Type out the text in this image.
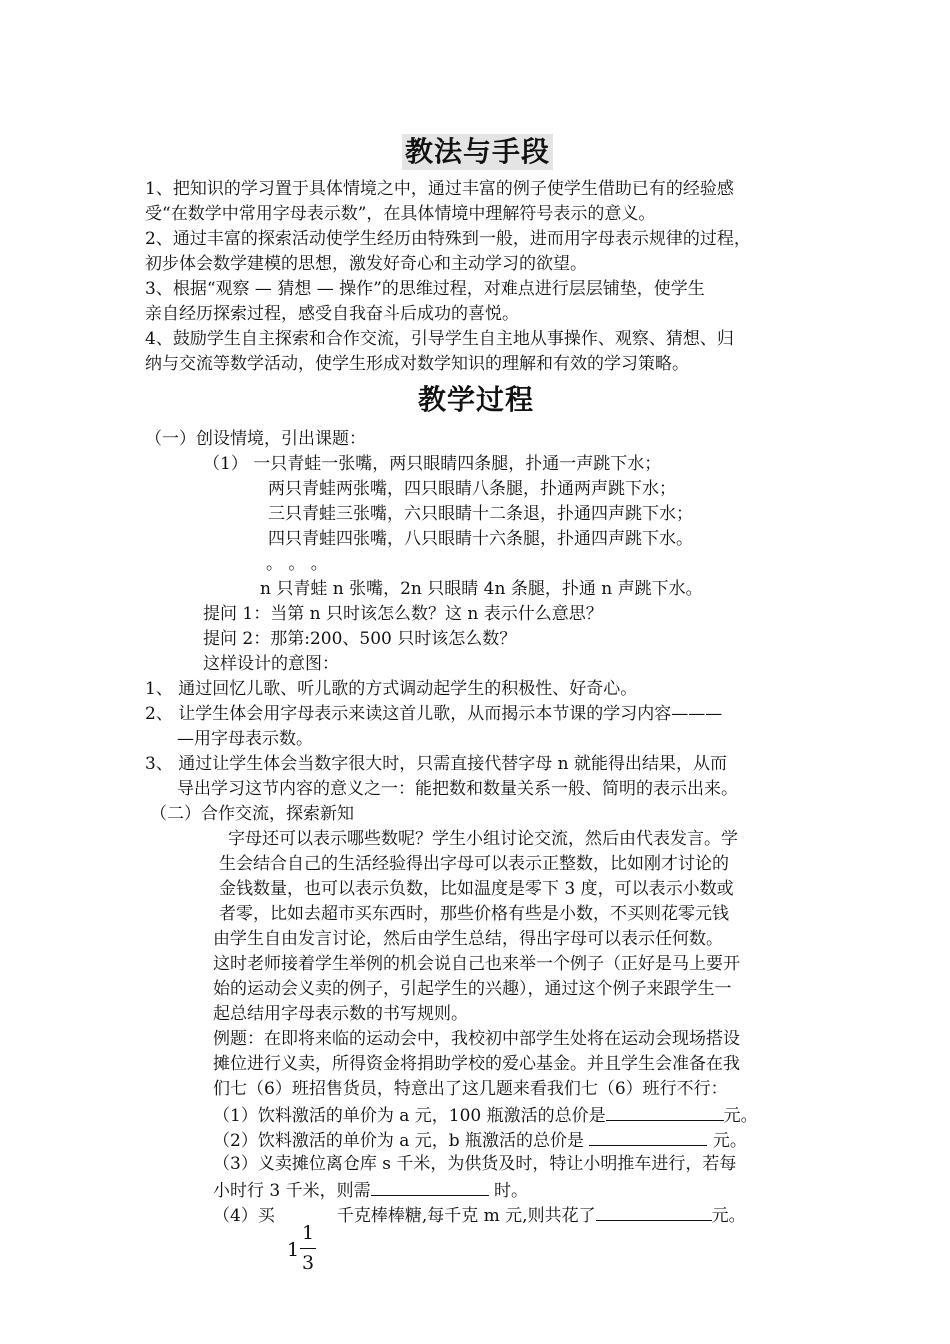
教法与手段
1、把知识的学习置于具体情境之中，通过丰富的例子使学生借助已有的经验感
受“在数学中常用字母表示数”，在具体情境中理解符号表示的意义。
2、通过丰富的探索活动使学生经历由特殊到一般，进而用字母表示规律的过程，
初步体会数学建模的思想，激发好奇心和主动学习的欲望。
3、根据“观察 — 猜想 — 操作”的思维过程，对难点进行层层铺垫，使学生
亲自经历探索过程，感受自我奋斗后成功的喜悦。
4、鼓励学生自主探索和合作交流，引导学生自主地从事操作、观察、猜想、归
纳与交流等数学活动，使学生形成对数学知识的理解和有效的学习策略。
教学过程
（一）创设情境，引出课题：
（1） 一只青蛙一张嘴，两只眼睛四条腿，扑通一声跳下水；
两只青蛙两张嘴，四只眼睛八条腿，扑通两声跳下水；
三只青蛙三张嘴，六只眼睛十二条退，扑通四声跳下水；
四只青蛙四张嘴，八只眼睛十六条腿，扑通四声跳下水。
。 。 。
n 只青蛙 n 张嘴，2n 只眼睛 4n 条腿，扑通 n 声跳下水。
提问 1：当第 n 只时该怎么数？这 n 表示什么意思？
提问 2：那第:200、500 只时该怎么数？
这样设计的意图：
1、 通过回忆儿歌、听儿歌的方式调动起学生的积极性、好奇心。
2、 让学生体会用字母表示来读这首儿歌，从而揭示本节课的学习内容———
—用字母表示数。
3、 通过让学生体会当数字很大时，只需直接代替字母 n 就能得出结果，从而
导出学习这节内容的意义之一：能把数和数量关系一般、简明的表示出来。
（二）合作交流，探索新知
字母还可以表示哪些数呢？学生小组讨论交流，然后由代表发言。学
生会结合自己的生活经验得出字母可以表示正整数，比如刚才讨论的
金钱数量，也可以表示负数，比如温度是零下 3 度，可以表示小数或
者零，比如去超市买东西时，那些价格有些是小数，不买则花零元钱
由学生自由发言讨论，然后由学生总结，得出字母可以表示任何数。
这时老师接着学生举例的机会说自己也来举一个例子（正好是马上要开
始的运动会义卖的例子，引起学生的兴趣），通过这个例子来跟学生一
起总结用字母表示数的书写规则。
例题：在即将来临的运动会中，我校初中部学生处将在运动会现场搭设
摊位进行义卖，所得资金将捐助学校的爱心基金。并且学生会准备在我
们七（6）班招售货员，特意出了这几题来看我们七（6）班行不行：
（1）饮料激活的单价为 a 元，100 瓶激活的总价是	元。
（2）饮料激活的单价为 a 元，b 瓶激活的总价是	元。
（3）义卖摊位离仓库 s 千米，为供货及时，特让小明推车进行，若每
小时行 3 千米，则需	时。
（4）买	千克棒棒糖,每千克 m 元,则共花了	元。
1
1
3
